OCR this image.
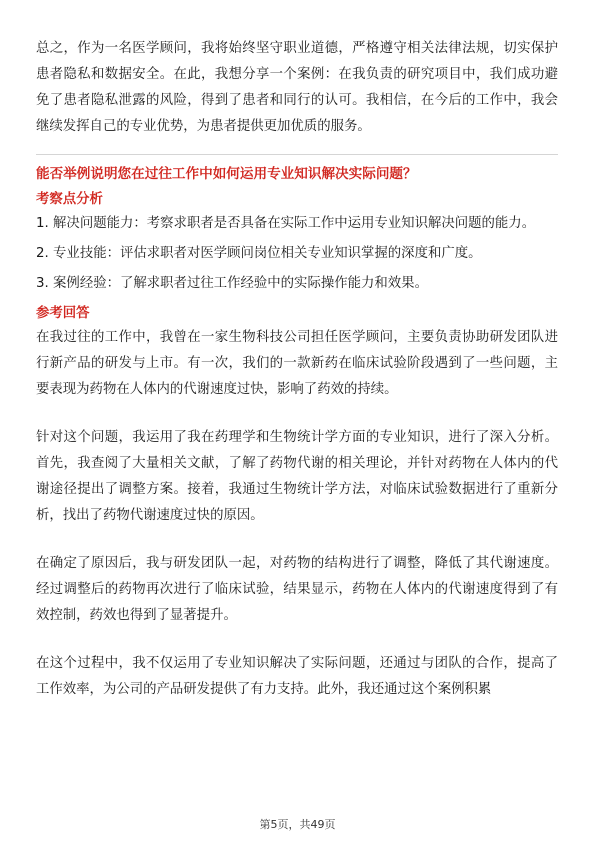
总之，作为一名医学顾问，我将始终坚守职业道德，严格遵守相关法律法规，切实保护患者隐私和数据安全。在此，我想分享一个案例：在我负责的研究项目中，我们成功避免了患者隐私泄露的风险，得到了患者和同行的认可。我相信，在今后的工作中，我会继续发挥自己的专业优势，为患者提供更加优质的服务。

能否举例说明您在过往工作中如何运用专业知识解决实际问题？

考察点分析

1. 解决问题能力：考察求职者是否具备在实际工作中运用专业知识解决问题的能力。

2. 专业技能：评估求职者对医学顾问岗位相关专业知识掌握的深度和广度。

3. 案例经验：了解求职者过往工作经验中的实际操作能力和效果。

参考回答

在我过往的工作中，我曾在一家生物科技公司担任医学顾问，主要负责协助研发团队进行新产品的研发与上市。有一次，我们的一款新药在临床试验阶段遇到了一些问题，主要表现为药物在人体内的代谢速度过快，影响了药效的持续。

针对这个问题，我运用了我在药理学和生物统计学方面的专业知识，进行了深入分析。首先，我查阅了大量相关文献，了解了药物代谢的相关理论，并针对药物在人体内的代谢途径提出了调整方案。接着，我通过生物统计学方法，对临床试验数据进行了重新分析，找出了药物代谢速度过快的原因。

在确定了原因后，我与研发团队一起，对药物的结构进行了调整，降低了其代谢速度。经过调整后的药物再次进行了临床试验，结果显示，药物在人体内的代谢速度得到了有效控制，药效也得到了显著提升。

在这个过程中，我不仅运用了专业知识解决了实际问题，还通过与团队的合作，提高了工作效率，为公司的产品研发提供了有力支持。此外，我还通过这个案例积累

第5页，共49页
